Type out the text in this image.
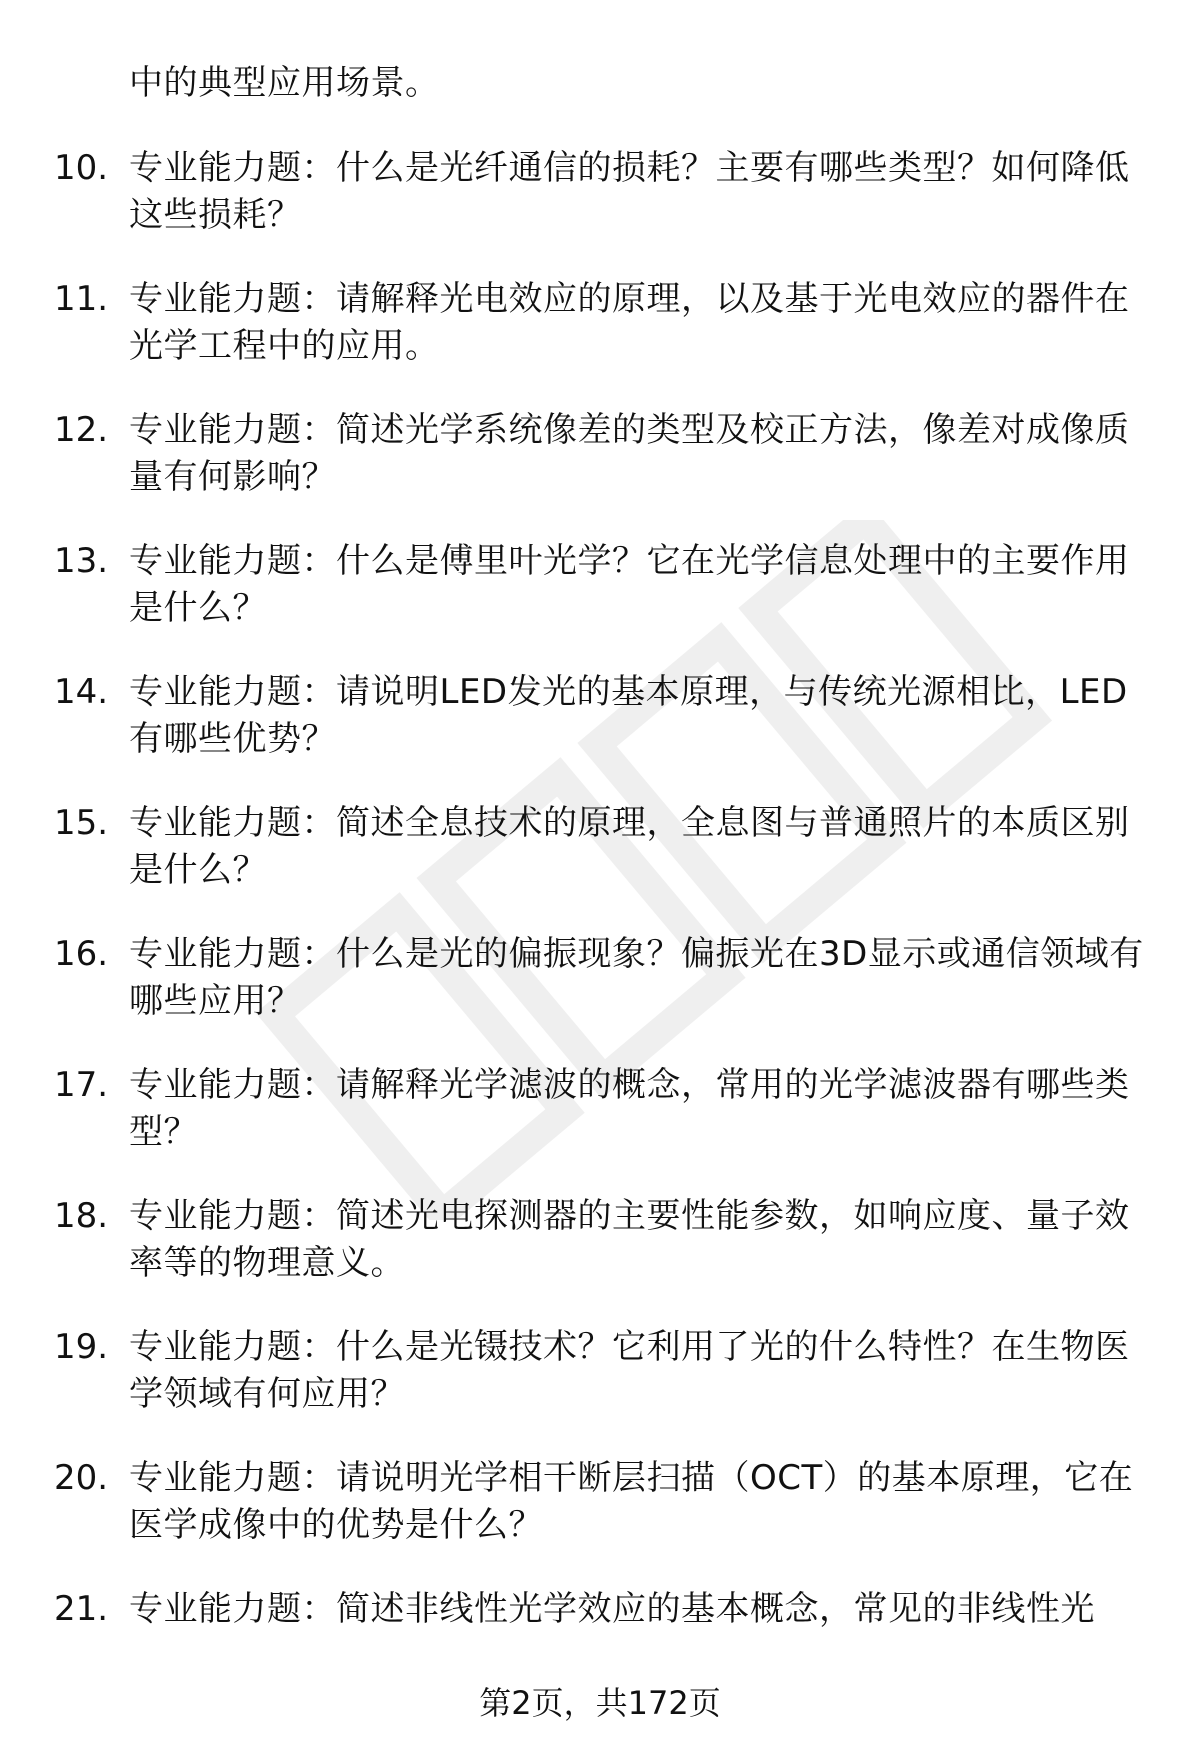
中的典型应用场景。
10. 专业能力题：什么是光纤通信的损耗？主要有哪些类型？如何降低这些损耗？
11. 专业能力题：请解释光电效应的原理，以及基于光电效应的器件在光学工程中的应用。
12. 专业能力题：简述光学系统像差的类型及校正方法，像差对成像质量有何影响？
13. 专业能力题：什么是傅里叶光学？它在光学信息处理中的主要作用是什么？
14. 专业能力题：请说明LED发光的基本原理，与传统光源相比，LED有哪些优势？
15. 专业能力题：简述全息技术的原理，全息图与普通照片的本质区别是什么？
16. 专业能力题：什么是光的偏振现象？偏振光在3D显示或通信领域有哪些应用？
17. 专业能力题：请解释光学滤波的概念，常用的光学滤波器有哪些类型？
18. 专业能力题：简述光电探测器的主要性能参数，如响应度、量子效率等的物理意义。
19. 专业能力题：什么是光镊技术？它利用了光的什么特性？在生物医学领域有何应用？
20. 专业能力题：请说明光学相干断层扫描（OCT）的基本原理，它在医学成像中的优势是什么？
21. 专业能力题：简述非线性光学效应的基本概念，常见的非线性光
第2页，共172页
